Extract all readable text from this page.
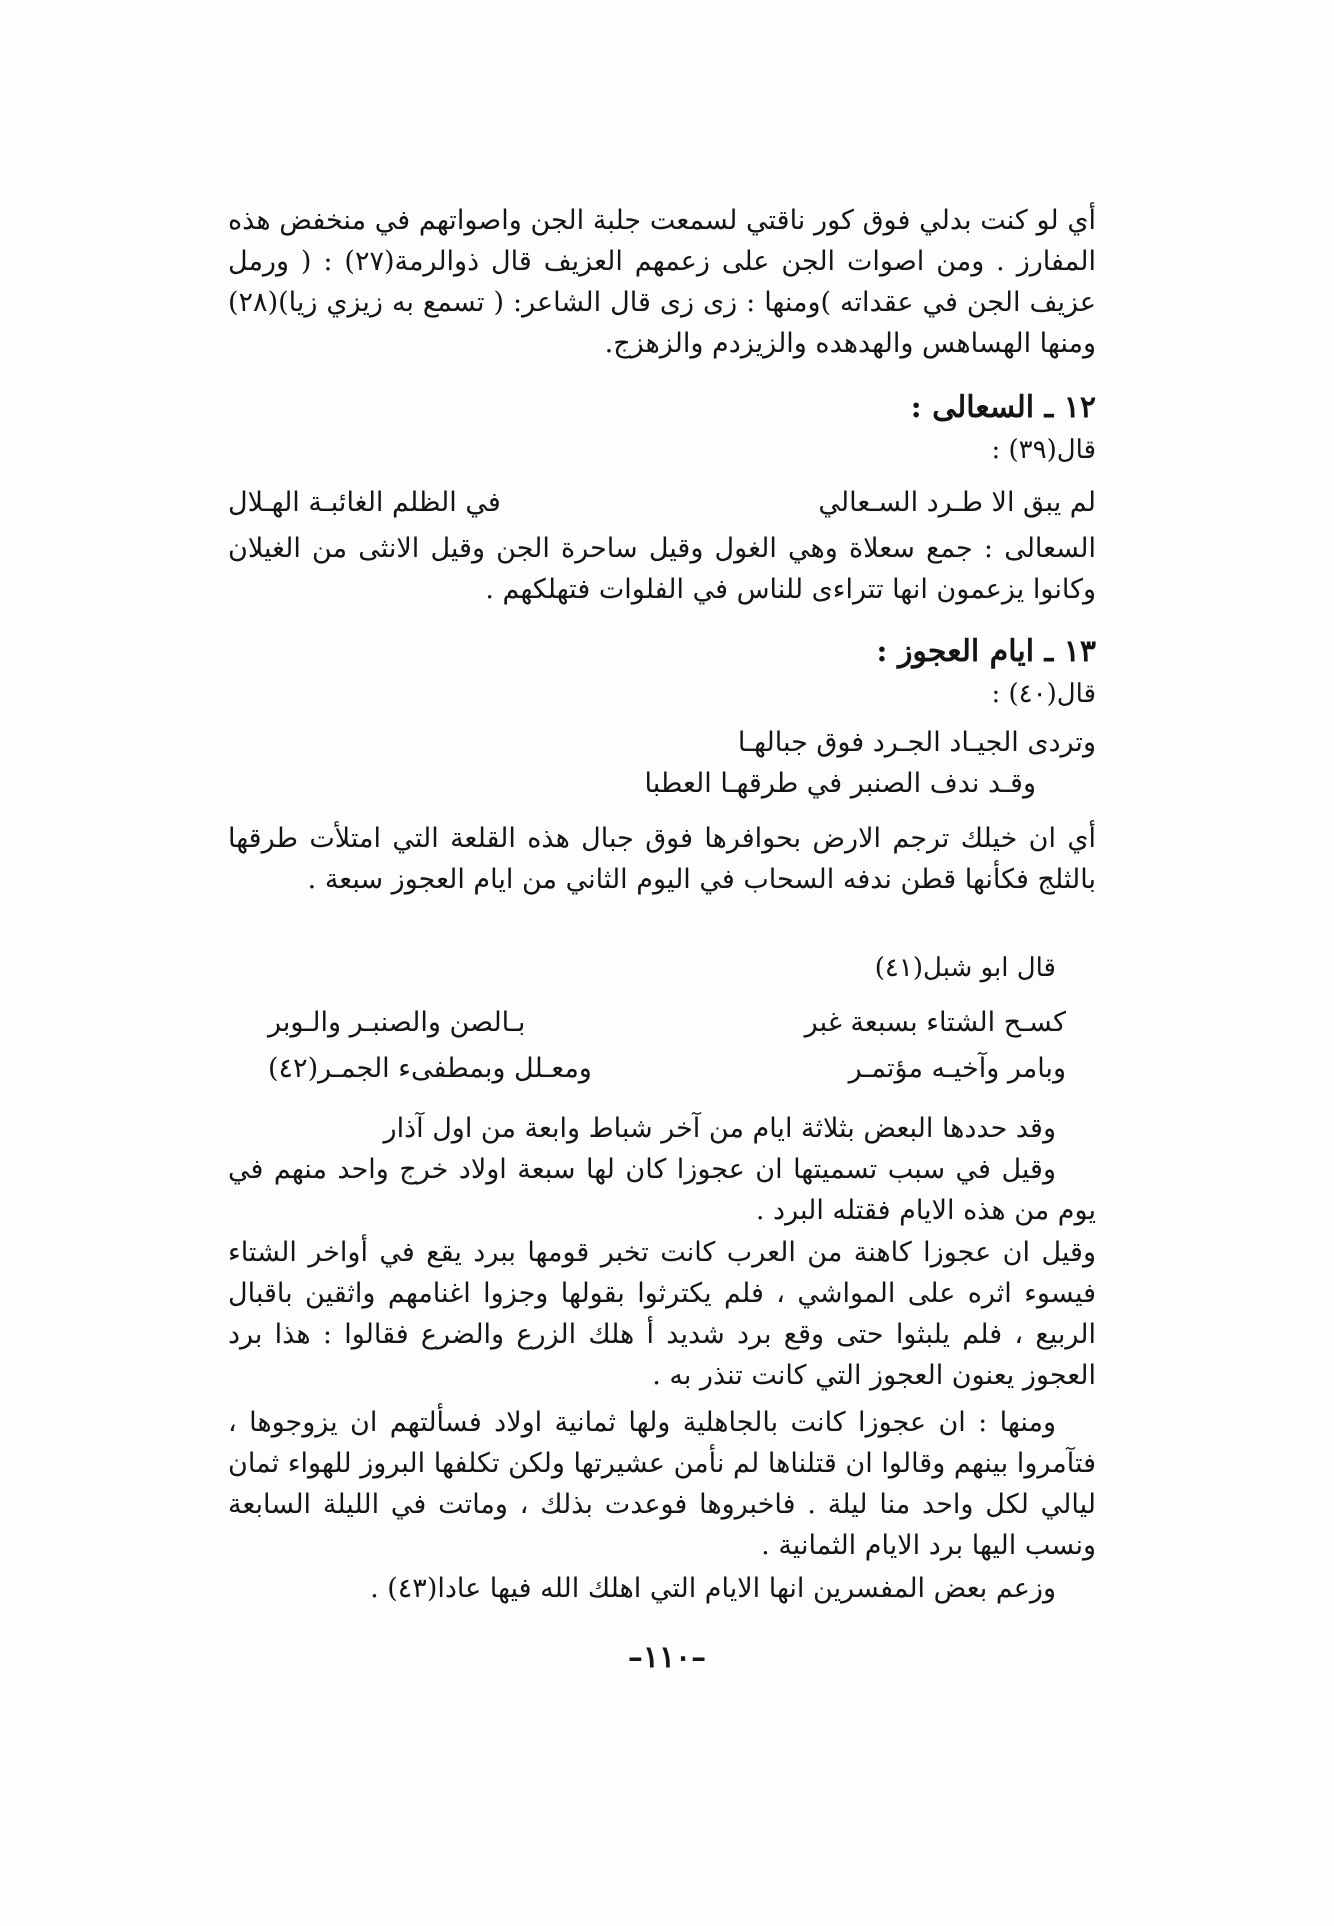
أي لو كنت بدلي فوق كور ناقتي لسمعت جلبة الجن واصواتهم في منخفض هذه المفارز . ومن اصوات الجن على زعمهم العزيف قال ذوالرمة(٢٧) : ( ورمل عزيف الجن في عقداته )ومنها : زى زى قال الشاعر: ( تسمع به زيزي زيا)(٢٨) ومنها الهساهس والهدهده والزيزدم والزهزج.

١٢ ـ السعالى :

قال(٣٩) :

لم يبق الا طـرد السـعالي
في الظلم الغائبـة الهـلال

السعالى : جمع سعلاة وهي الغول وقيل ساحرة الجن وقيل الانثى من الغيلان وكانوا يزعمون انها تتراءى للناس في الفلوات فتهلكهم .

١٣ ـ ايام العجوز :

قال(٤٠) :

وتردى الجيـاد الجـرد فوق جبالهـا

وقـد ندف الصنبر في طرقهـا العطبا

أي ان خيلك ترجم الارض بحوافرها فوق جبال هذه القلعة التي امتلأت طرقها بالثلج فكأنها قطن ندفه السحاب في اليوم الثاني من ايام العجوز سبعة .

قال ابو شبل(٤١)

كسـح الشتاء بسبعة غبر
بـالصن والصنبـر والـوبر
وبامر وآخيـه مؤتمـر
ومعـلل وبمطفىء الجمـر(٤٢)

وقد حددها البعض بثلاثة ايام من آخر شباط وابعة من اول آذار

وقيل في سبب تسميتها ان عجوزا كان لها سبعة اولاد خرج واحد منهم في يوم من هذه الايام فقتله البرد .

وقيل ان عجوزا كاهنة من العرب كانت تخبر قومها ببرد يقع في أواخر الشتاء فيسوء اثره على المواشي ، فلم يكترثوا بقولها وجزوا اغنامهم واثقين باقبال الربيع ، فلم يلبثوا حتى وقع برد شديد أ هلك الزرع والضرع فقالوا : هذا برد العجوز يعنون العجوز التي كانت تنذر به .

ومنها : ان عجوزا كانت بالجاهلية ولها ثمانية اولاد فسألتهم ان يزوجوها ، فتآمروا بينهم وقالوا ان قتلناها لم نأمن عشيرتها ولكن تكلفها البروز للهواء ثمان ليالي لكل واحد منا ليلة . فاخبروها فوعدت بذلك ، وماتت في الليلة السابعة ونسب اليها برد الايام الثمانية .

وزعم بعض المفسرين انها الايام التي اهلك الله فيها عادا(٤٣) .

–١١٠–
